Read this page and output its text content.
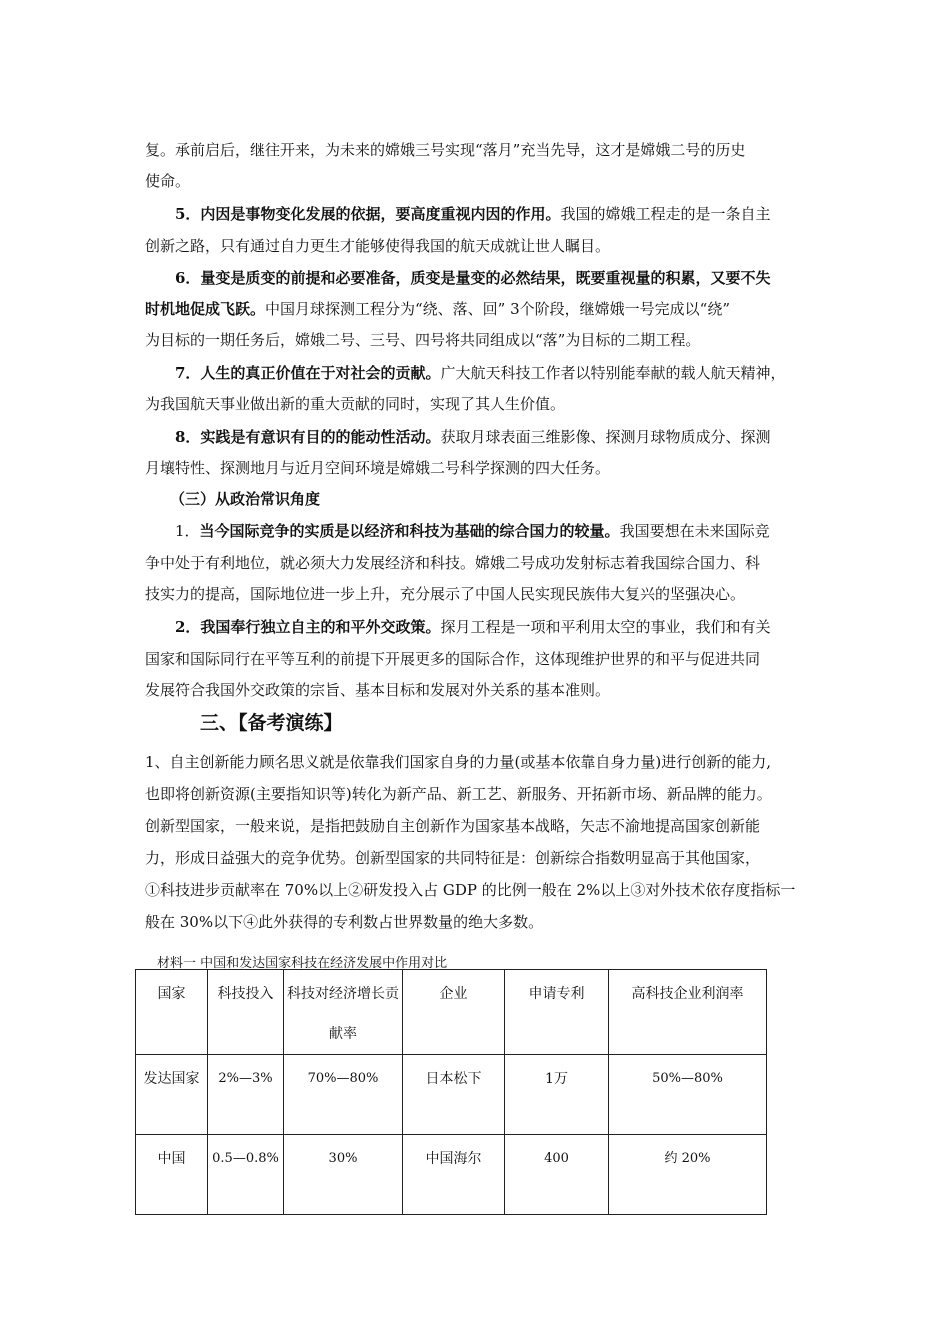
复。承前启后，继往开来，为未来的嫦娥三号实现“落月”充当先导，这才是嫦娥二号的历史
使命。
5．内因是事物变化发展的依据，要高度重视内因的作用。我国的嫦娥工程走的是一条自主
创新之路，只有通过自力更生才能够使得我国的航天成就让世人瞩目。
6．量变是质变的前提和必要准备，质变是量变的必然结果，既要重视量的积累，又要不失
时机地促成飞跃。中国月球探测工程分为“绕、落、回” 3个阶段，继嫦娥一号完成以“绕”
为目标的一期任务后，嫦娥二号、三号、四号将共同组成以“落”为目标的二期工程。
7．人生的真正价值在于对社会的贡献。广大航天科技工作者以特别能奉献的载人航天精神，
为我国航天事业做出新的重大贡献的同时，实现了其人生价值。
8．实践是有意识有目的的能动性活动。获取月球表面三维影像、探测月球物质成分、探测
月壤特性、探测地月与近月空间环境是嫦娥二号科学探测的四大任务。
（三）从政治常识角度
1．当今国际竞争的实质是以经济和科技为基础的综合国力的较量。我国要想在未来国际竞
争中处于有利地位，就必须大力发展经济和科技。嫦娥二号成功发射标志着我国综合国力、科
技实力的提高，国际地位进一步上升，充分展示了中国人民实现民族伟大复兴的坚强决心。
2．我国奉行独立自主的和平外交政策。探月工程是一项和平利用太空的事业，我们和有关
国家和国际同行在平等互利的前提下开展更多的国际合作，这体现维护世界的和平与促进共同
发展符合我国外交政策的宗旨、基本目标和发展对外关系的基本准则。
三、【备考演练】
1、自主创新能力顾名思义就是依靠我们国家自身的力量(或基本依靠自身力量)进行创新的能力,
也即将创新资源(主要指知识等)转化为新产品、新工艺、新服务、开拓新市场、新品牌的能力。
创新型国家，一般来说，是指把鼓励自主创新作为国家基本战略，矢志不渝地提高国家创新能
力，形成日益强大的竞争优势。创新型国家的共同特征是：创新综合指数明显高于其他国家，
①科技进步贡献率在 70%以上②研发投入占 GDP 的比例一般在 2%以上③对外技术依存度指标一
般在 30%以下④此外获得的专利数占世界数量的绝大多数。
材料一 中国和发达国家科技在经济发展中作用对比
国家	科技投入	科技对经济增长贡献率	企业	申请专利	高科技企业利润率
发达国家	2%—3%	70%—80%	日本松下	1万	50%—80%
中国	0.5—0.8%	30%	中国海尔	400	约 20%
